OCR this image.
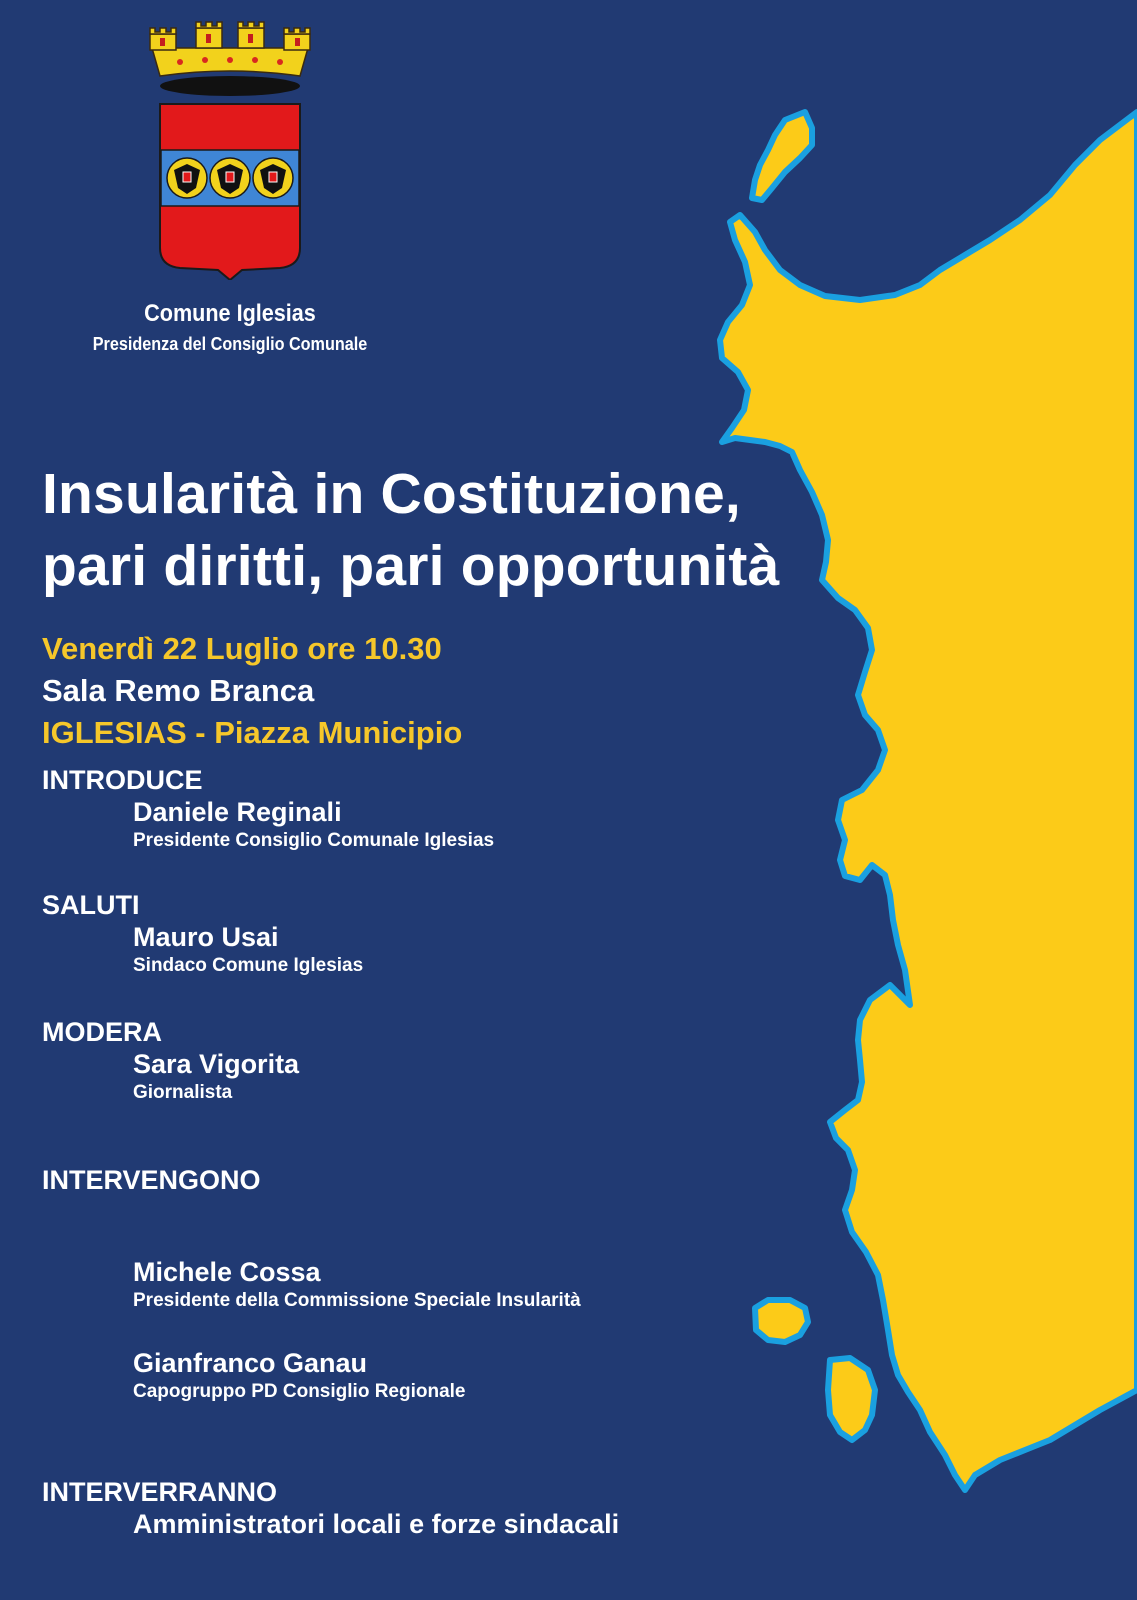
Comune Iglesias
Presidenza del Consiglio Comunale
Insularità in Costituzione,
pari diritti, pari opportunità
Venerdì 22 Luglio ore 10.30
Sala Remo Branca
IGLESIAS - Piazza Municipio
INTRODUCE
Daniele Reginali
Presidente Consiglio Comunale Iglesias
SALUTI
Mauro Usai
Sindaco Comune Iglesias
MODERA
Sara Vigorita
Giornalista
INTERVENGONO
Michele Cossa
Presidente della Commissione Speciale Insularità
Gianfranco Ganau
Capogruppo PD Consiglio Regionale
INTERVERRANNO
Amministratori locali e forze sindacali
